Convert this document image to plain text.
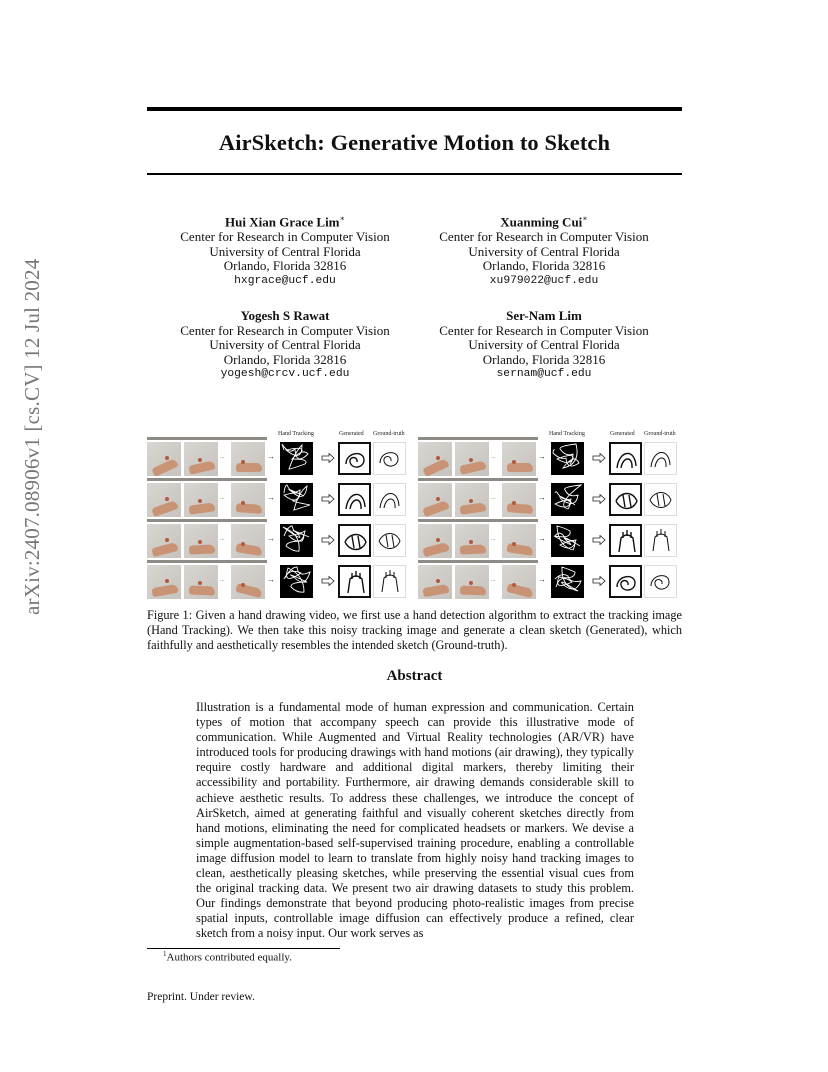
arXiv:2407.08906v1 [cs.CV] 12 Jul 2024
AirSketch: Generative Motion to Sketch
Hui Xian Grace Lim∗
Center for Research in Computer Vision
University of Central Florida
Orlando, Florida 32816
hxgrace@ucf.edu
Xuanming Cui∗
Center for Research in Computer Vision
University of Central Florida
Orlando, Florida 32816
xu979022@ucf.edu
Yogesh S Rawat
Center for Research in Computer Vision
University of Central Florida
Orlando, Florida 32816
yogesh@crcv.ucf.edu
Ser-Nam Lim
Center for Research in Computer Vision
University of Central Florida
Orlando, Florida 32816
sernam@ucf.edu
Hand Tracking	Generated Ground-truth
...	→
...	→
...	→
...	→
Hand Tracking	Generated Ground-truth
...	→
...	→
...	→
...	→
Figure 1: Given a hand drawing video, we first use a hand detection algorithm to extract the tracking image (Hand Tracking). We then take this noisy tracking image and generate a clean sketch (Generated), which faithfully and aesthetically resembles the intended sketch (Ground-truth).
Abstract
Illustration is a fundamental mode of human expression and communication. Certain types of motion that accompany speech can provide this illustrative mode of communication. While Augmented and Virtual Reality technologies (AR/VR) have introduced tools for producing drawings with hand motions (air drawing), they typically require costly hardware and additional digital markers, thereby limiting their accessibility and portability. Furthermore, air drawing demands considerable skill to achieve aesthetic results. To address these challenges, we introduce the concept of AirSketch, aimed at generating faithful and visually coherent sketches directly from hand motions, eliminating the need for complicated headsets or markers. We devise a simple augmentation-based self-supervised training procedure, enabling a controllable image diffusion model to learn to translate from highly noisy hand tracking images to clean, aesthetically pleasing sketches, while preserving the essential visual cues from the original tracking data. We present two air drawing datasets to study this problem. Our findings demonstrate that beyond producing photo-realistic images from precise spatial inputs, controllable image diffusion can effectively produce a refined, clear sketch from a noisy input. Our work serves as
$^1$Authors contributed equally.
Preprint. Under review.
